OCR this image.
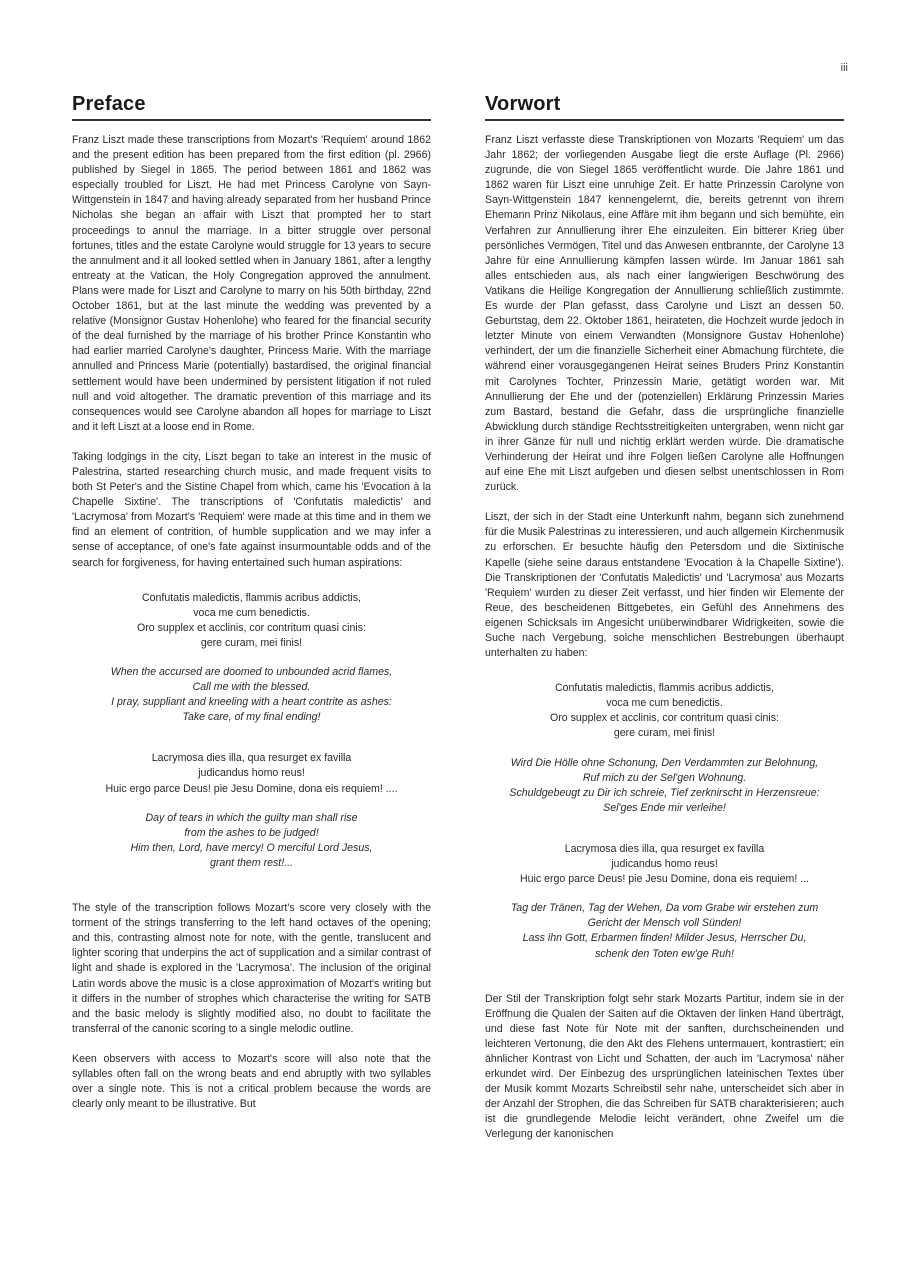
iii
Preface

Franz Liszt made these transcriptions from Mozart's 'Requiem' around 1862 and the present edition has been prepared from the first edition (pl. 2966) published by Siegel in 1865. The period between 1861 and 1862 was especially troubled for Liszt. He had met Princess Carolyne von Sayn-Wittgenstein in 1847 and having already separated from her husband Prince Nicholas she began an affair with Liszt that prompted her to start proceedings to annul the marriage. In a bitter struggle over personal fortunes, titles and the estate Carolyne would struggle for 13 years to secure the annulment and it all looked settled when in January 1861, after a lengthy entreaty at the Vatican, the Holy Congregation approved the annulment. Plans were made for Liszt and Carolyne to marry on his 50th birthday, 22nd October 1861, but at the last minute the wedding was prevented by a relative (Monsignor Gustav Hohenlohe) who feared for the financial security of the deal furnished by the marriage of his brother Prince Konstantin who had earlier married Carolyne's daughter, Princess Marie. With the marriage annulled and Princess Marie (potentially) bastardised, the original financial settlement would have been undermined by persistent litigation if not ruled null and void altogether. The dramatic prevention of this marriage and its consequences would see Carolyne abandon all hopes for marriage to Liszt and it left Liszt at a loose end in Rome.

Taking lodgings in the city, Liszt began to take an interest in the music of Palestrina, started researching church music, and made frequent visits to both St Peter's and the Sistine Chapel from which, came his 'Evocation à la Chapelle Sixtine'. The transcriptions of 'Confutatis maledictis' and 'Lacrymosa' from Mozart's 'Requiem' were made at this time and in them we find an element of contrition, of humble supplication and we may infer a sense of acceptance, of one's fate against insurmountable odds and of the search for forgiveness, for having entertained such human aspirations:

Confutatis maledictis, flammis acribus addictis,
voca me cum benedictis.
Oro supplex et acclinis, cor contritum quasi cinis:
gere curam, mei finis!
When the accursed are doomed to unbounded acrid flames,
Call me with the blessed.
I pray, suppliant and kneeling with a heart contrite as ashes:
Take care, of my final ending!
Lacrymosa dies illa, qua resurget ex favilla
judicandus homo reus!
Huic ergo parce Deus! pie Jesu Domine, dona eis requiem! ....
Day of tears in which the guilty man shall rise
from the ashes to be judged!
Him then, Lord, have mercy! O merciful Lord Jesus,
grant them rest!...

The style of the transcription follows Mozart's score very closely with the torment of the strings transferring to the left hand octaves of the opening; and this, contrasting almost note for note, with the gentle, translucent and lighter scoring that underpins the act of supplication and a similar contrast of light and shade is explored in the 'Lacrymosa'. The inclusion of the original Latin words above the music is a close approximation of Mozart's writing but it differs in the number of strophes which characterise the writing for SATB and the basic melody is slightly modified also, no doubt to facilitate the transferral of the canonic scoring to a single melodic outline.

Keen observers with access to Mozart's score will also note that the syllables often fall on the wrong beats and end abruptly with two syllables over a single note. This is not a critical problem because the words are clearly only meant to be illustrative. But

Vorwort

Franz Liszt verfasste diese Transkriptionen von Mozarts 'Requiem' um das Jahr 1862; der vorliegenden Ausgabe liegt die erste Auflage (Pl. 2966) zugrunde, die von Siegel 1865 veröffentlicht wurde. Die Jahre 1861 und 1862 waren für Liszt eine unruhige Zeit. Er hatte Prinzessin Carolyne von Sayn-Wittgenstein 1847 kennengelernt, die, bereits getrennt von ihrem Ehemann Prinz Nikolaus, eine Affäre mit ihm begann und sich bemühte, ein Verfahren zur Annullierung ihrer Ehe einzuleiten. Ein bitterer Krieg über persönliches Vermögen, Titel und das Anwesen entbrannte, der Carolyne 13 Jahre für eine Annullierung kämpfen lassen würde. Im Januar 1861 sah alles entschieden aus, als nach einer langwierigen Beschwörung des Vatikans die Heilige Kongregation der Annullierung schließlich zustimmte. Es wurde der Plan gefasst, dass Carolyne und Liszt an dessen 50. Geburtstag, dem 22. Oktober 1861, heirateten, die Hochzeit wurde jedoch in letzter Minute von einem Verwandten (Monsignore Gustav Hohenlohe) verhindert, der um die finanzielle Sicherheit einer Abmachung fürchtete, die während einer vorausgegangenen Heirat seines Bruders Prinz Konstantin mit Carolynes Tochter, Prinzessin Marie, getätigt worden war. Mit Annullierung der Ehe und der (potenziellen) Erklärung Prinzessin Maries zum Bastard, bestand die Gefahr, dass die ursprüngliche finanzielle Abwicklung durch ständige Rechtsstreitigkeiten untergraben, wenn nicht gar in ihrer Gänze für null und nichtig erklärt werden würde. Die dramatische Verhinderung der Heirat und ihre Folgen ließen Carolyne alle Hoffnungen auf eine Ehe mit Liszt aufgeben und diesen selbst unentschlossen in Rom zurück.

Liszt, der sich in der Stadt eine Unterkunft nahm, begann sich zunehmend für die Musik Palestrinas zu interessieren, und auch allgemein Kirchenmusik zu erforschen. Er besuchte häufig den Petersdom und die Sixtinische Kapelle (siehe seine daraus entstandene 'Evocation à la Chapelle Sixtine'). Die Transkriptionen der 'Confutatis Maledictis' und 'Lacrymosa' aus Mozarts 'Requiem' wurden zu dieser Zeit verfasst, und hier finden wir Elemente der Reue, des bescheidenen Bittgebetes, ein Gefühl des Annehmens des eigenen Schicksals im Angesicht unüberwindbarer Widrigkeiten, sowie die Suche nach Vergebung, solche menschlichen Bestrebungen überhaupt unterhalten zu haben:

Confutatis maledictis, flammis acribus addictis,
voca me cum benedictis.
Oro supplex et acclinis, cor contritum quasi cinis:
gere curam, mei finis!
Wird Die Hölle ohne Schonung, Den Verdammten zur Belohnung,
Ruf mich zu der Sel'gen Wohnung.
Schuldgebeugt zu Dir ich schreie, Tief zerknirscht in Herzensreue:
Sel'ges Ende mir verleihe!
Lacrymosa dies illa, qua resurget ex favilla
judicandus homo reus!
Huic ergo parce Deus! pie Jesu Domine, dona eis requiem! ...
Tag der Tränen, Tag der Wehen, Da vom Grabe wir erstehen zum
Gericht der Mensch voll Sünden!
Lass ihn Gott, Erbarmen finden! Milder Jesus, Herrscher Du,
schenk den Toten ew'ge Ruh!

Der Stil der Transkription folgt sehr stark Mozarts Partitur, indem sie in der Eröffnung die Qualen der Saiten auf die Oktaven der linken Hand überträgt, und diese fast Note für Note mit der sanften, durchscheinenden und leichteren Vertonung, die den Akt des Flehens untermauert, kontrastiert; ein ähnlicher Kontrast von Licht und Schatten, der auch im 'Lacrymosa' näher erkundet wird. Der Einbezug des ursprünglichen lateinischen Textes über der Musik kommt Mozarts Schreibstil sehr nahe, unterscheidet sich aber in der Anzahl der Strophen, die das Schreiben für SATB charakterisieren; auch ist die grundlegende Melodie leicht verändert, ohne Zweifel um die Verlegung der kanonischen
